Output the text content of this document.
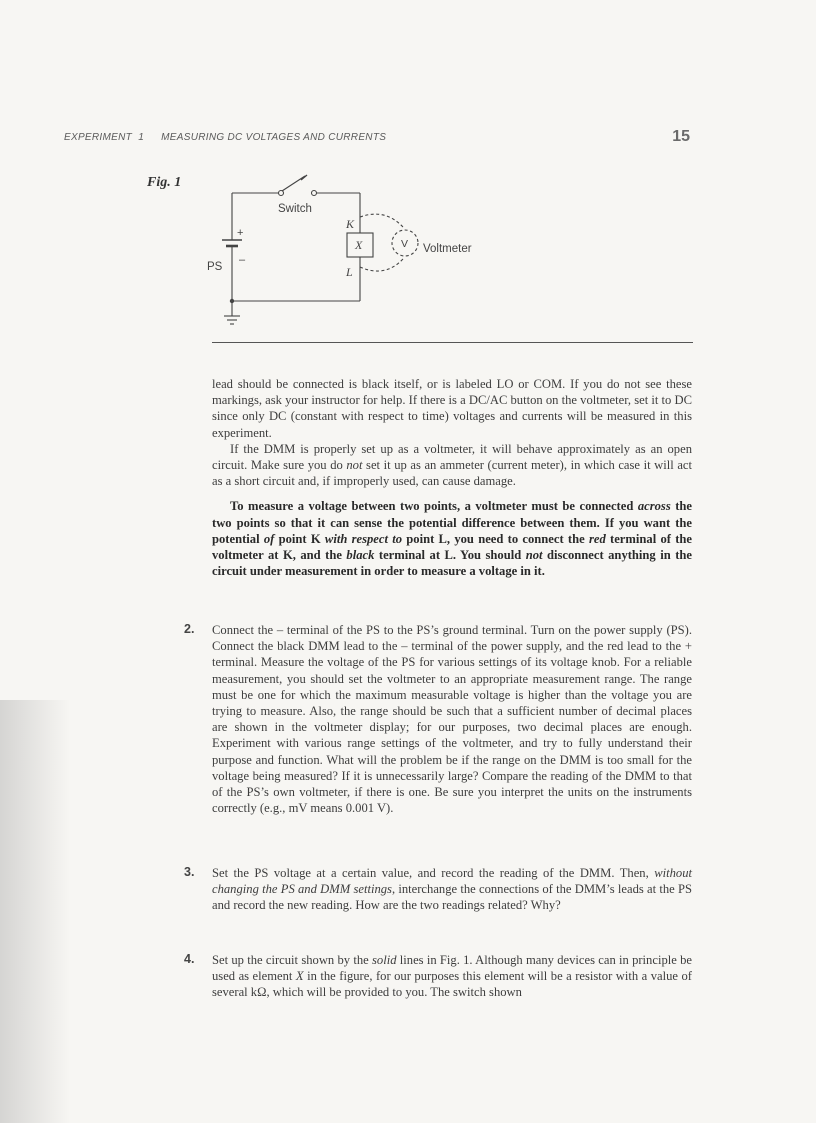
EXPERIMENT 1 MEASURING DC VOLTAGES AND CURRENTS	15
Fig. 1
Switch
+
–
PS
K
X
L
V Voltmeter

lead should be connected is black itself, or is labeled LO or COM. If you do not see these markings, ask your instructor for help. If there is a DC/AC button on the voltmeter, set it to DC since only DC (constant with respect to time) voltages and currents will be measured in this experiment.

If the DMM is properly set up as a voltmeter, it will behave approximately as an open circuit. Make sure you do not set it up as an ammeter (current meter), in which case it will act as a short circuit and, if improperly used, can cause damage.

To measure a voltage between two points, a voltmeter must be connected across the two points so that it can sense the potential difference between them. If you want the potential of point K with respect to point L, you need to connect the red terminal of the voltmeter at K, and the black terminal at L. You should not disconnect anything in the circuit under measurement in order to measure a voltage in it.

2.	Connect the – terminal of the PS to the PS’s ground terminal. Turn on the power supply (PS). Connect the black DMM lead to the – terminal of the power supply, and the red lead to the + terminal. Measure the voltage of the PS for various settings of its voltage knob. For a reliable measurement, you should set the voltmeter to an appropriate measurement range. The range must be one for which the maximum measurable voltage is higher than the voltage you are trying to measure. Also, the range should be such that a sufficient number of decimal places are shown in the voltmeter display; for our purposes, two decimal places are enough. Experiment with various range settings of the voltmeter, and try to fully understand their purpose and function. What will the problem be if the range on the DMM is too small for the voltage being measured? If it is unnecessarily large? Compare the reading of the DMM to that of the PS’s own voltmeter, if there is one. Be sure you interpret the units on the instruments correctly (e.g., mV means 0.001 V).
3.	Set the PS voltage at a certain value, and record the reading of the DMM. Then, without changing the PS and DMM settings, interchange the connections of the DMM’s leads at the PS and record the new reading. How are the two readings related? Why?
4.	Set up the circuit shown by the solid lines in Fig. 1. Although many devices can in principle be used as element X in the figure, for our purposes this element will be a resistor with a value of several kΩ, which will be provided to you. The switch shown
